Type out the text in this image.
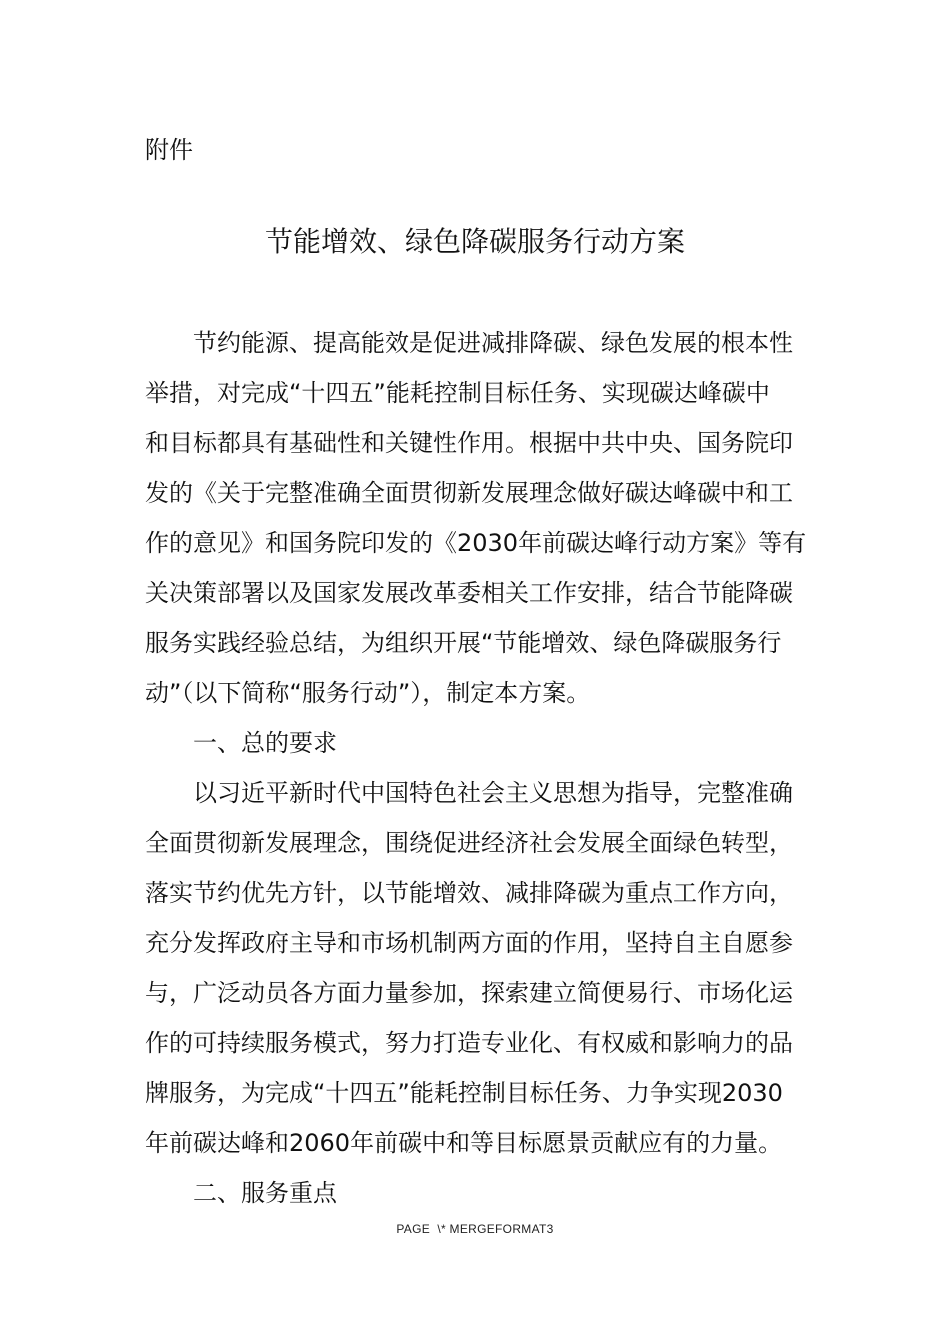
附件
节能增效、绿色降碳服务行动方案
节约能源、提高能效是促进减排降碳、绿色发展的根本性
举措，对完成“十四五”能耗控制目标任务、实现碳达峰碳中
和目标都具有基础性和关键性作用。根据中共中央、国务院印
发的《关于完整准确全面贯彻新发展理念做好碳达峰碳中和工
作的意见》和国务院印发的《2030年前碳达峰行动方案》等有
关决策部署以及国家发展改革委相关工作安排，结合节能降碳
服务实践经验总结，为组织开展“节能增效、绿色降碳服务行
动”（以下简称“服务行动”），制定本方案。
一、总的要求
以习近平新时代中国特色社会主义思想为指导，完整准确
全面贯彻新发展理念，围绕促进经济社会发展全面绿色转型，
落实节约优先方针，以节能增效、减排降碳为重点工作方向，
充分发挥政府主导和市场机制两方面的作用，坚持自主自愿参
与，广泛动员各方面力量参加，探索建立简便易行、市场化运
作的可持续服务模式，努力打造专业化、有权威和影响力的品
牌服务，为完成“十四五”能耗控制目标任务、力争实现2030
年前碳达峰和2060年前碳中和等目标愿景贡献应有的力量。
二、服务重点
PAGE  \* MERGEFORMAT3
